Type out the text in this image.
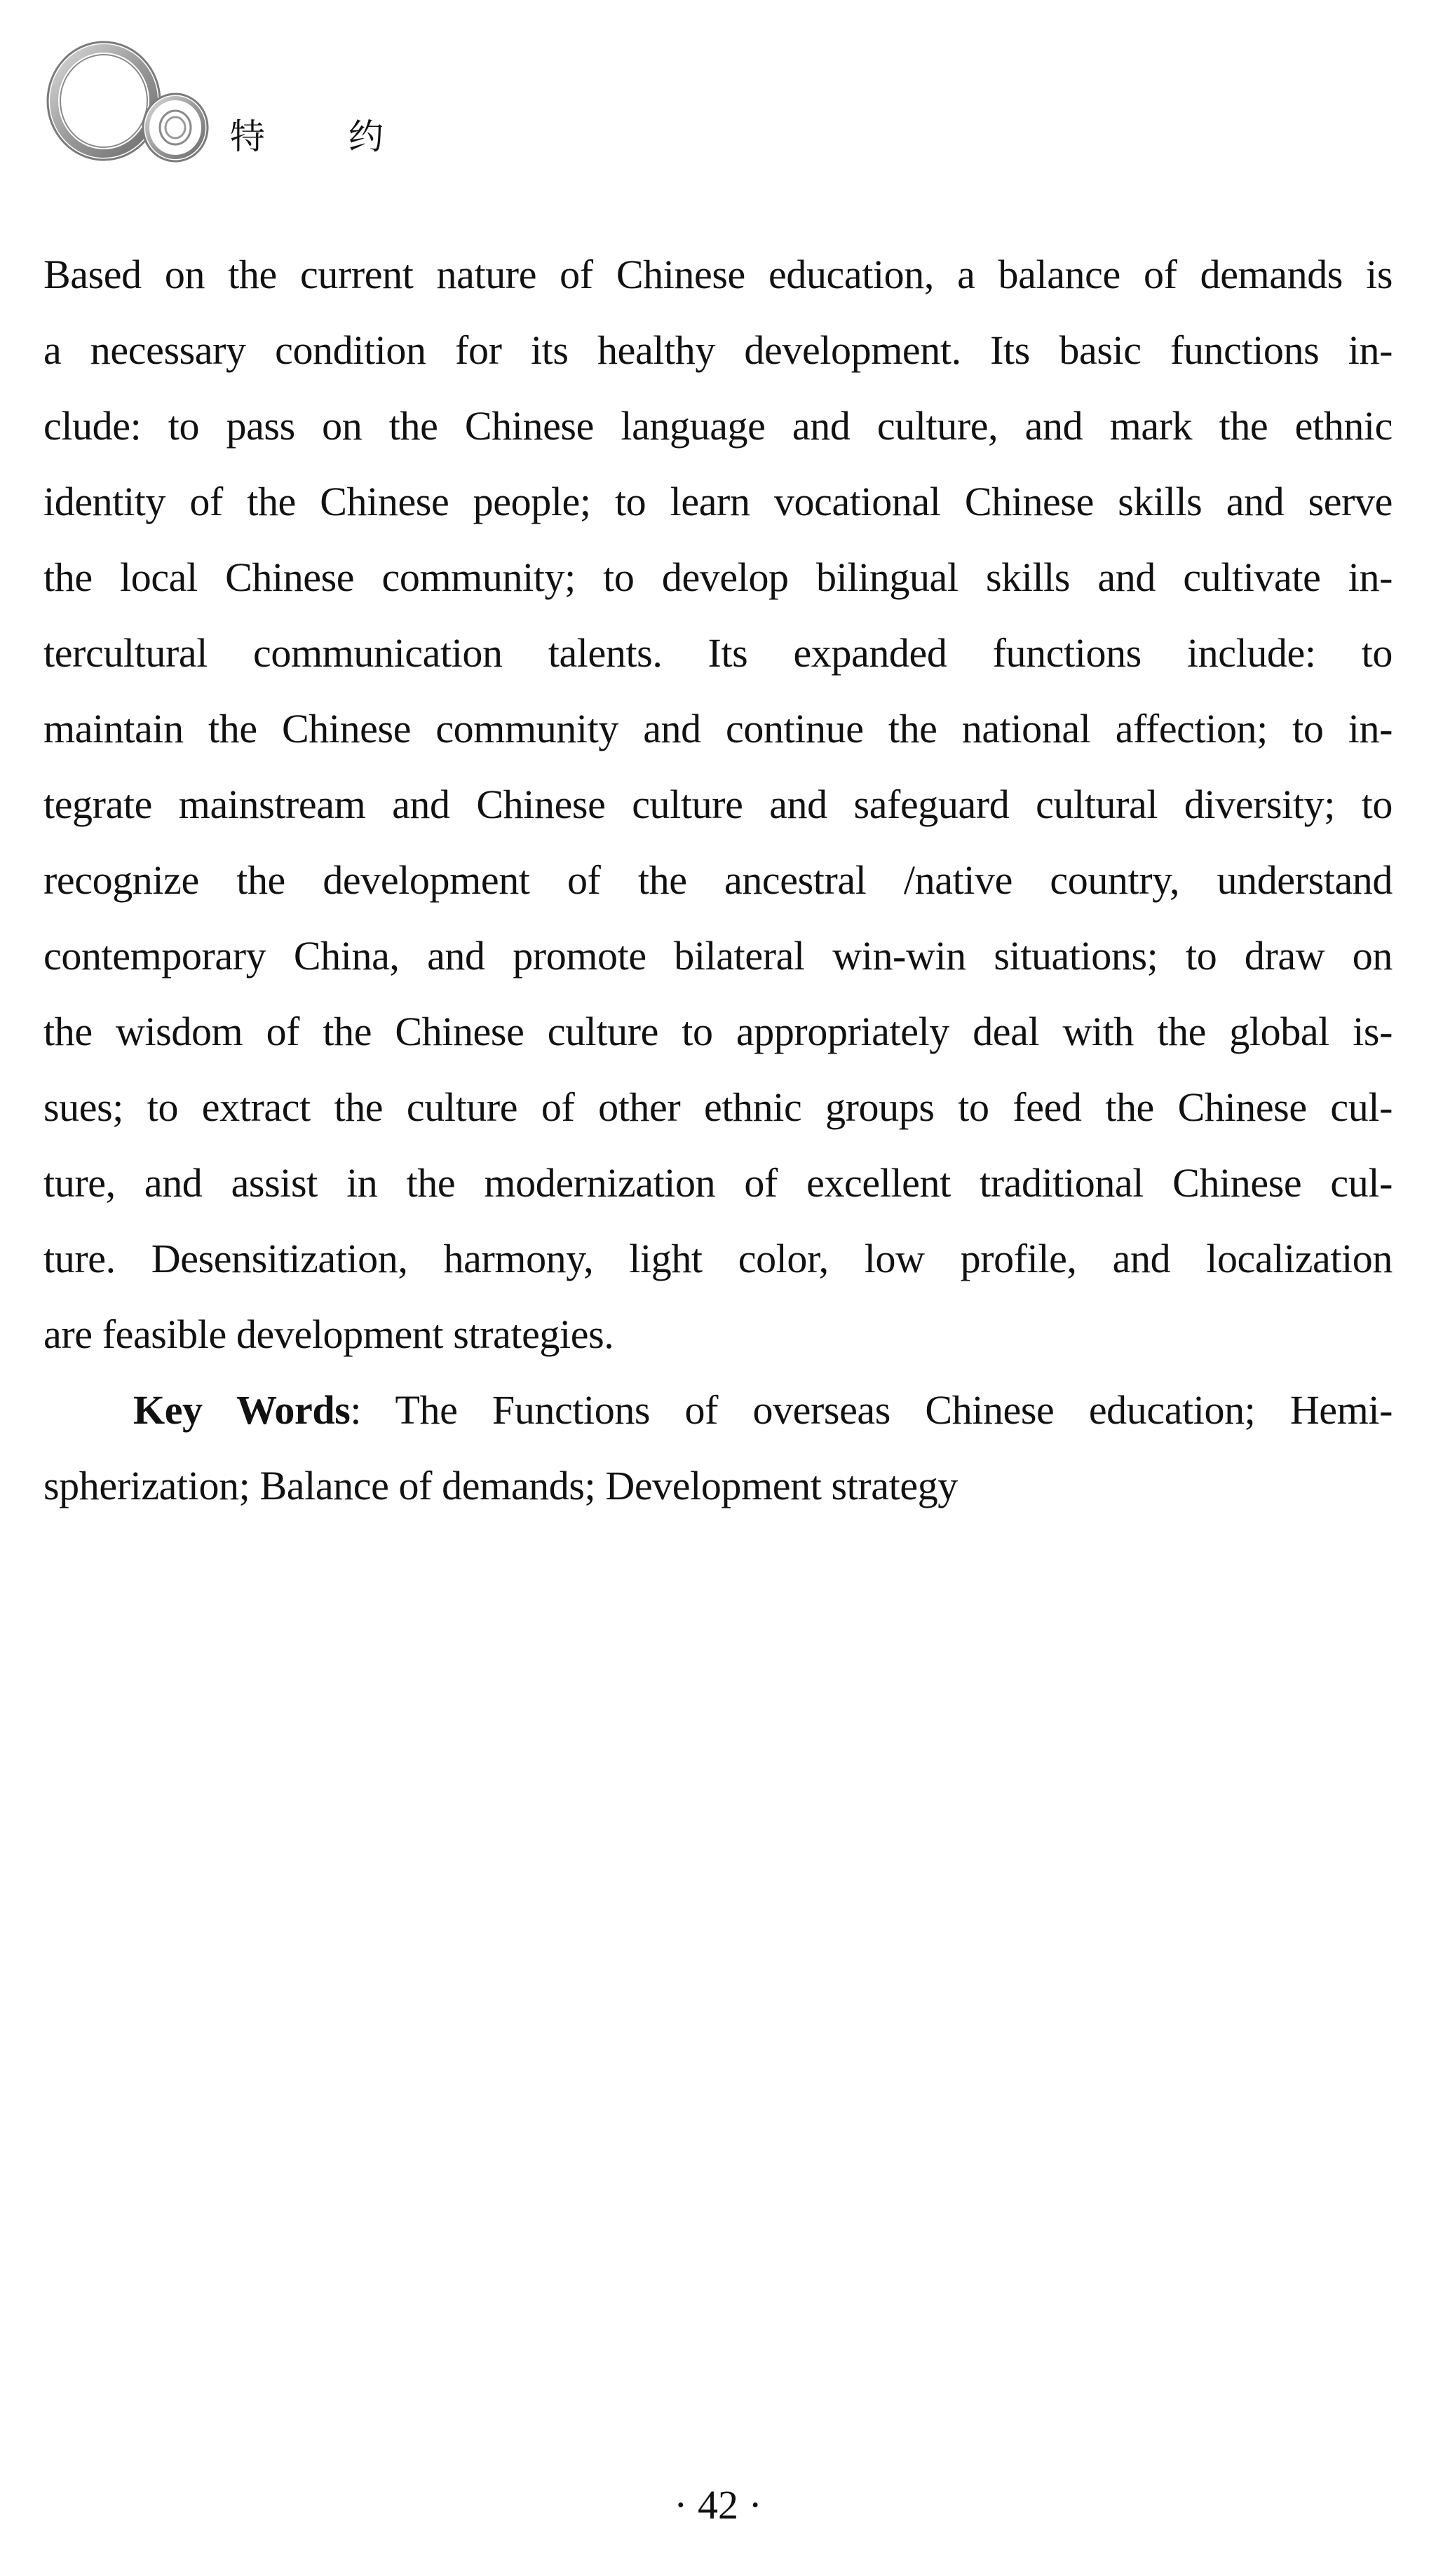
特 约
Based on the current nature of Chinese education, a balance of demands is
a necessary condition for its healthy development. Its basic functions in-
clude: to pass on the Chinese language and culture, and mark the ethnic
identity of the Chinese people; to learn vocational Chinese skills and serve
the local Chinese community; to develop bilingual skills and cultivate in-
tercultural communication talents. Its expanded functions include: to
maintain the Chinese community and continue the national affection; to in-
tegrate mainstream and Chinese culture and safeguard cultural diversity; to
recognize the development of the ancestral /native country, understand
contemporary China, and promote bilateral win-win situations; to draw on
the wisdom of the Chinese culture to appropriately deal with the global is-
sues; to extract the culture of other ethnic groups to feed the Chinese cul-
ture, and assist in the modernization of excellent traditional Chinese cul-
ture. Desensitization, harmony, light color, low profile, and localization
are feasible development strategies.
Key Words: The Functions of overseas Chinese education; Hemi-
spherization; Balance of demands; Development strategy
· 42 ·
